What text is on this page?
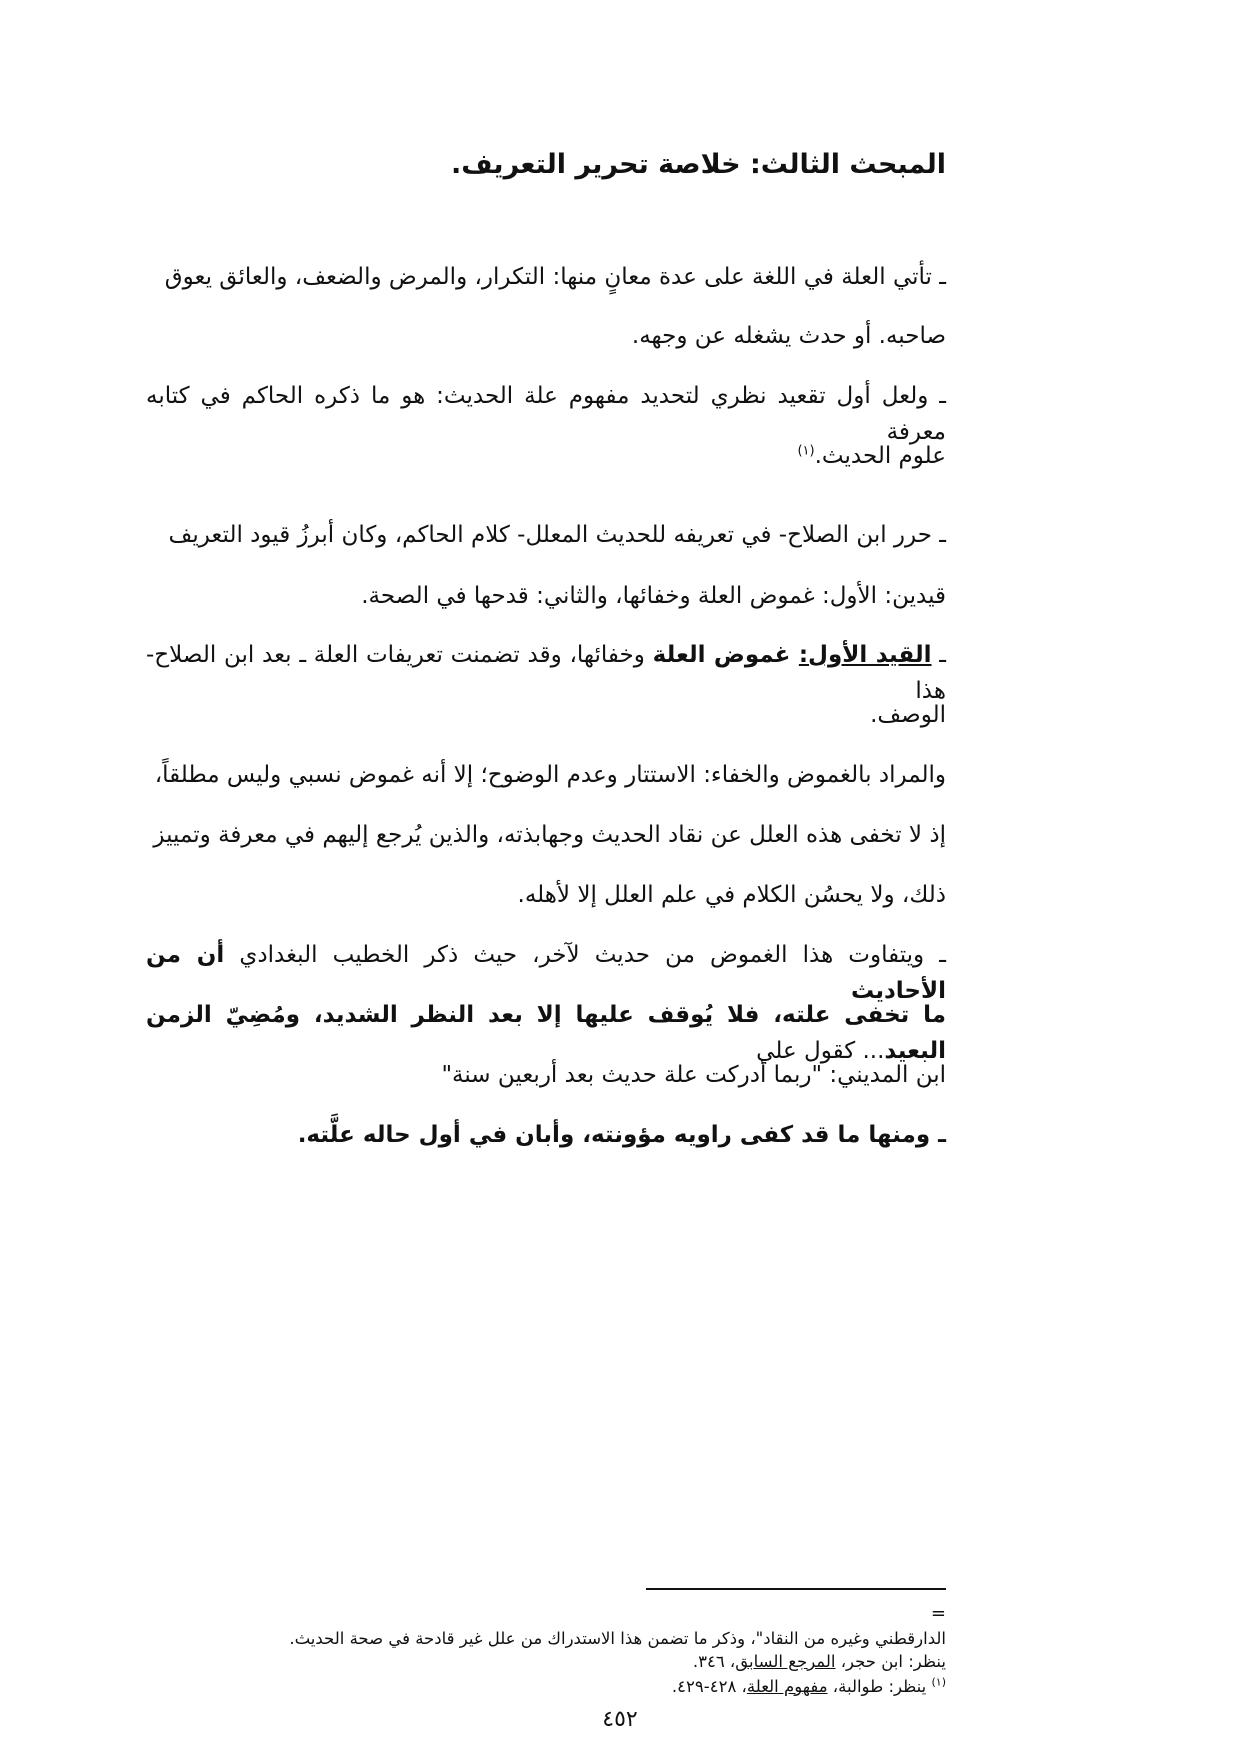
المبحث الثالث: خلاصة تحرير التعريف.

ـ تأتي العلة في اللغة على عدة معانٍ منها: التكرار، والمرض والضعف، والعائق يعوق

صاحبه. أو حدث يشغله عن وجهه.

ـ ولعل أول تقعيد نظري لتحديد مفهوم علة الحديث: هو ما ذكره الحاكم في كتابه معرفة

علوم الحديث.$^{(١)}$

ـ حرر ابن الصلاح- في تعريفه للحديث المعلل- كلام الحاكم، وكان أبرزُ قيود التعريف

قيدين: الأول: غموض العلة وخفائها، والثاني: قدحها في الصحة.

ـ القيد الأول: غموض العلة وخفائها، وقد تضمنت تعريفات العلة ـ بعد ابن الصلاح- هذا

الوصف.

والمراد بالغموض والخفاء: الاستتار وعدم الوضوح؛ إلا أنه غموض نسبي وليس مطلقاً،

إذ لا تخفى هذه العلل عن نقاد الحديث وجهابذته، والذين يُرجع إليهم في معرفة وتمييز

ذلك، ولا يحسُن الكلام في علم العلل إلا لأهله.

ـ ويتفاوت هذا الغموض من حديث لآخر، حيث ذكر الخطيب البغدادي أن من الأحاديث

ما تخفى علته، فلا يُوقف عليها إلا بعد النظر الشديد، ومُضِيّ الزمن البعيد... كقول علي

ابن المديني: "ربما أدركت علة حديث بعد أربعين سنة"

ـ ومنها ما قد كفى راويه مؤونته، وأبان في أول حاله علَّته.

=

الدارقطني وغيره من النقاد"، وذكر ما تضمن هذا الاستدراك من علل غير قادحة في صحة الحديث.

ينظر: ابن حجر، المرجع السابق، ٣٤٦.

$^{(١)}$ ينظر: طوالبة، مفهوم العلة، ٤٢٨-٤٢٩.

٤٥٢
